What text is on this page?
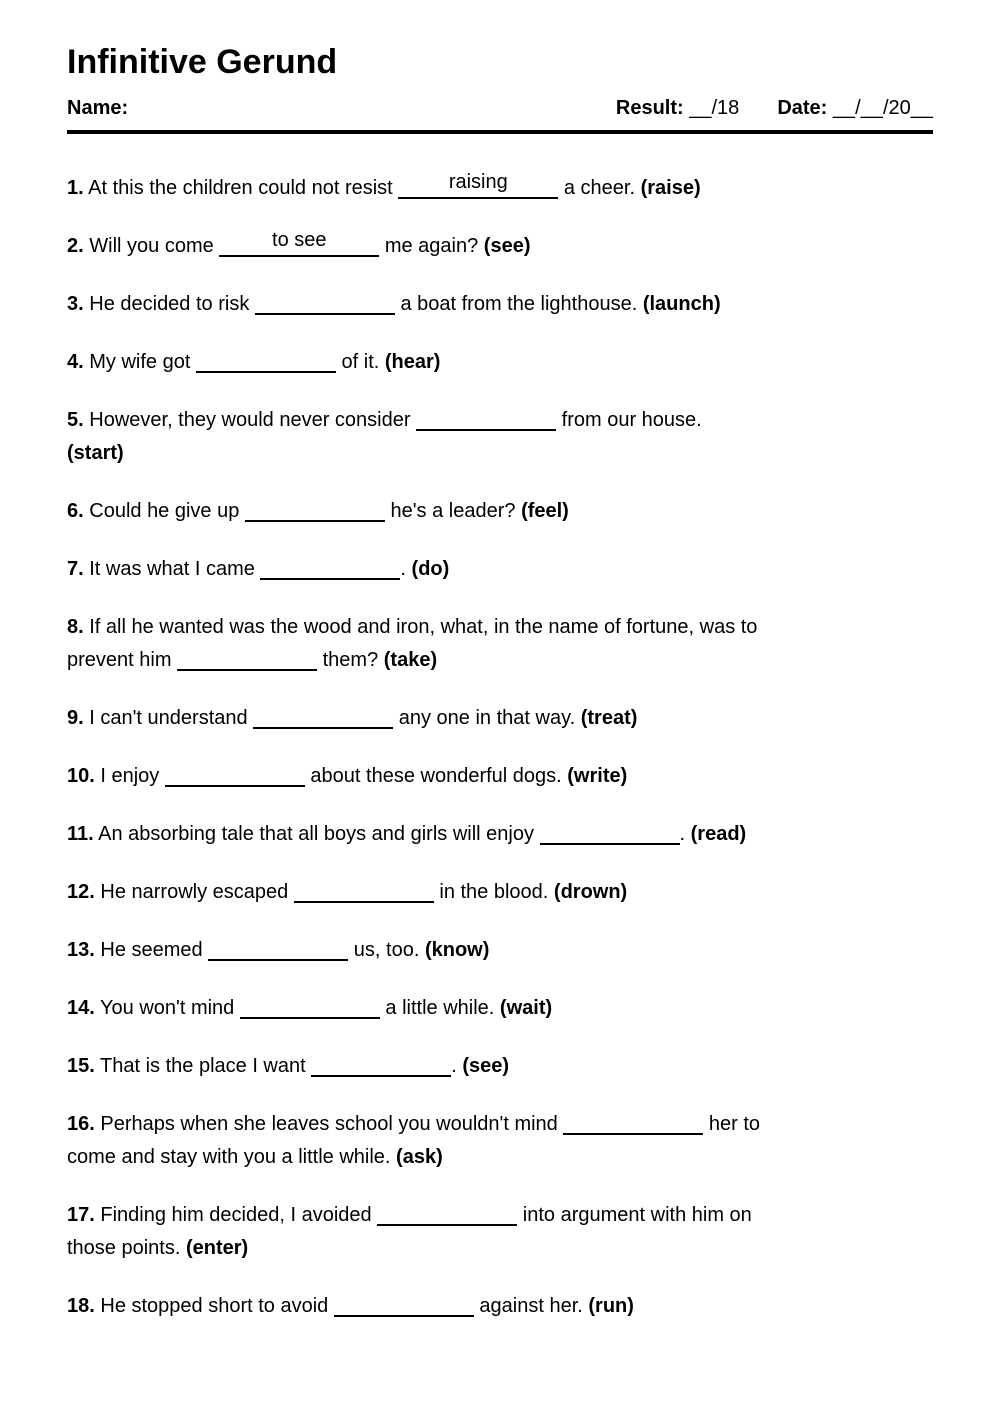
Infinitive Gerund
Name:	Result: __/18 Date: __/__/20__

1. At this the children could not resist	raising	a cheer. (raise)

2. Will you come	to see	me again? (see)

3. He decided to risk	a boat from the lighthouse. (launch)

4. My wife got	of it. (hear)

5. However, they would never consider	from our house.
(start)

6. Could he give up	he's a leader? (feel)

7. It was what I came	. (do)

8. If all he wanted was the wood and iron, what, in the name of fortune, was to
prevent him	them? (take)

9. I can't understand	any one in that way. (treat)

10. I enjoy	about these wonderful dogs. (write)

11. An absorbing tale that all boys and girls will enjoy	. (read)

12. He narrowly escaped	in the blood. (drown)

13. He seemed	us, too. (know)

14. You won't mind	a little while. (wait)

15. That is the place I want	. (see)

16. Perhaps when she leaves school you wouldn't mind	her to
come and stay with you a little while. (ask)

17. Finding him decided, I avoided	into argument with him on
those points. (enter)

18. He stopped short to avoid	against her. (run)
